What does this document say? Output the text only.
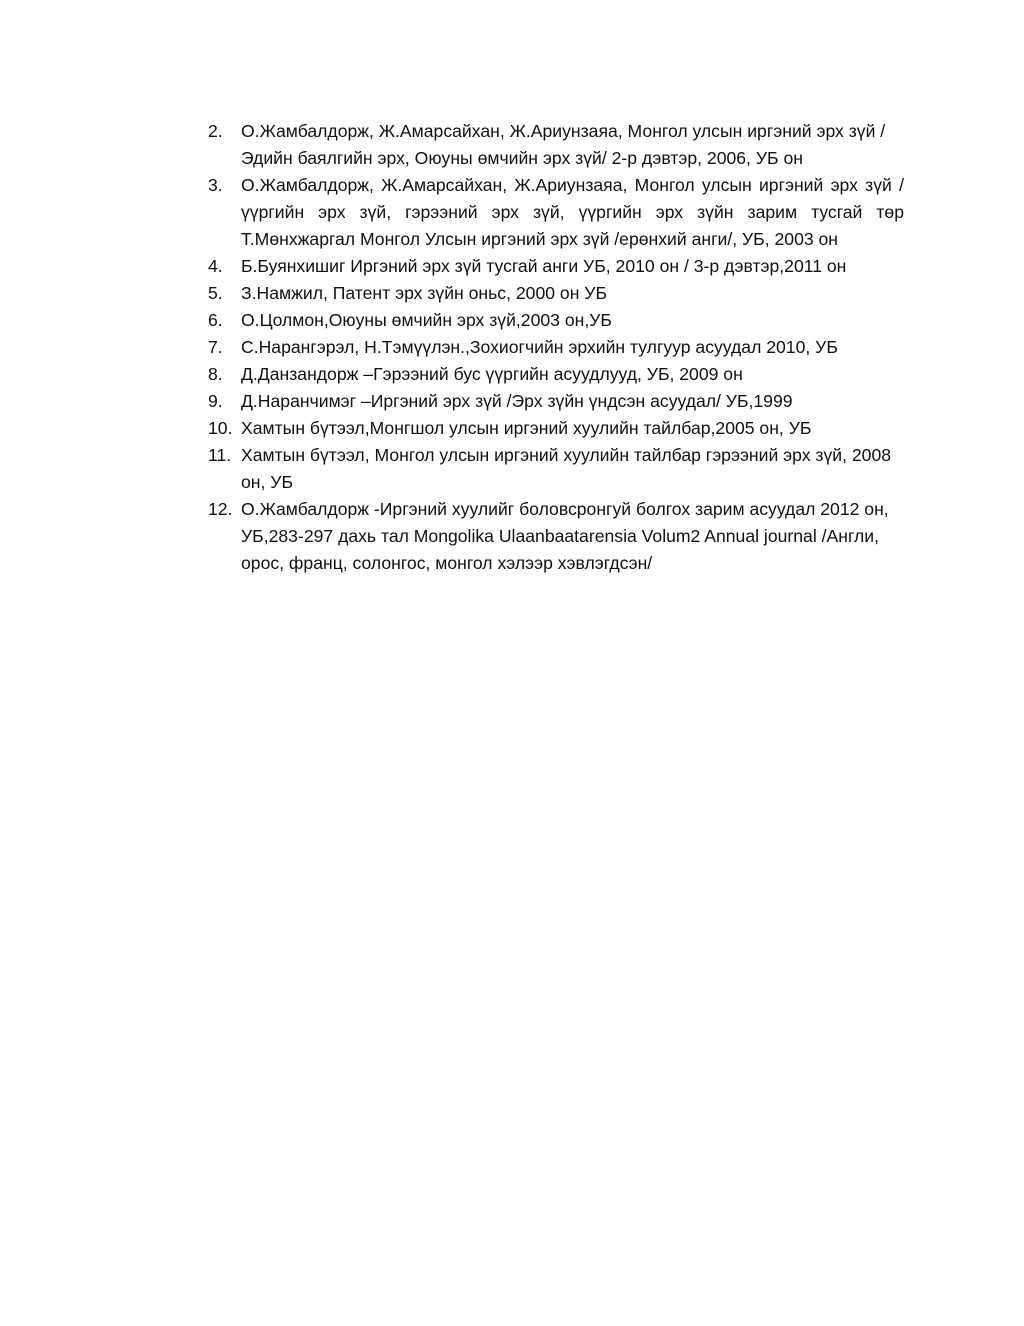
2.	О.Жамбалдорж, Ж.Амарсайхан, Ж.Ариунзаяа, Монгол улсын иргэний эрх зүй /Эдийн баялгийн эрх, Оюуны өмчийн эрх зүй/ 2-р дэвтэр, 2006, УБ он
3.	О.Жамбалдорж, Ж.Амарсайхан, Ж.Ариунзаяа, Монгол улсын иргэний эрх зүй /үүргийн эрх зүй, гэрээний эрх зүй, үүргийн эрх зүйн зарим тусгай төр Т.Мөнхжаргал Монгол Улсын иргэний эрх зүй /ерөнхий анги/, УБ, 2003 он
4.	Б.Буянхишиг Иргэний эрх зүй тусгай анги УБ, 2010 он / 3-р дэвтэр,2011 он
5.	З.Намжил, Патент эрх зүйн оньс, 2000 он УБ
6.	О.Цолмон,Оюуны өмчийн эрх зүй,2003 он,УБ
7.	С.Нарангэрэл, Н.Тэмүүлэн.,Зохиогчийн эрхийн тулгуур асуудал 2010, УБ
8.	Д.Данзандорж –Гэрээний бус үүргийн асуудлууд, УБ, 2009 он
9.	Д.Наранчимэг –Иргэний эрх зүй /Эрх зүйн үндсэн асуудал/ УБ,1999
10. Хамтын бүтээл,Монгшол улсын иргэний хуулийн тайлбар,2005 он, УБ
11. Хамтын бүтээл, Монгол улсын иргэний хуулийн тайлбар гэрээний эрх зүй, 2008 он, УБ
12. О.Жамбалдорж -Иргэний хуулийг боловсронгуй болгох зарим асуудал 2012 он, УБ,283-297 дахь тал Mongolika Ulaanbaatarensia Volum2 Annual journal /Англи, орос, франц, солонгос, монгол хэлээр хэвлэгдсэн/
